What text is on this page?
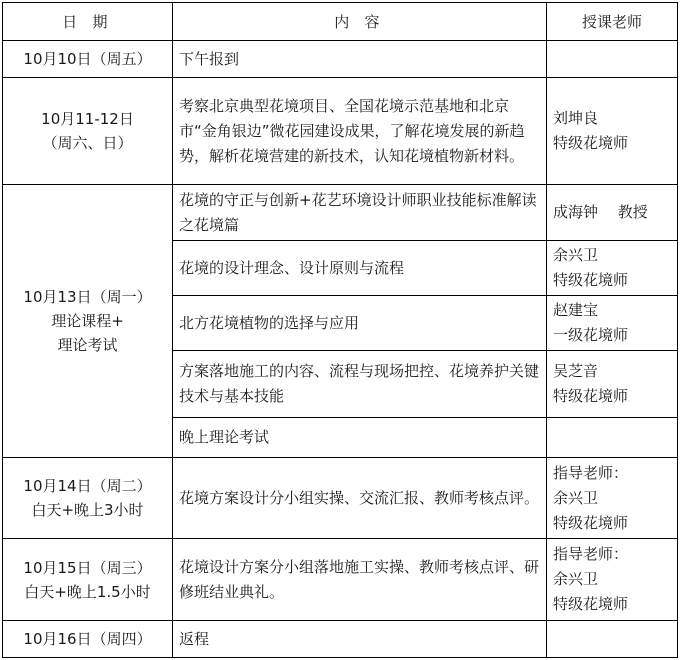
日 期	内 容	授课老师
10月10日（周五）	下午报到	

10月11-12日
（周六、日）	考察北京典型花境项目、全国花境示范基地和北京市“金角银边”微花园建设成果，了解花境发展的新趋势，解析花境营建的新技术，认知花境植物新材料。	刘坤良
特级花境师

10月13日（周一）
理论课程+
理论考试	花境的守正与创新+花艺环境设计师职业技能标准解读之花境篇	成海钟　 教授

	花境的设计理念、设计原则与流程	余兴卫
特级花境师

	北方花境植物的选择与应用	赵建宝
一级花境师

	方案落地施工的内容、流程与现场把控、花境养护关键技术与基本技能	吴芝音
特级花境师

	晚上理论考试	

10月14日（周二）
白天+晚上3小时	花境方案设计分小组实操、交流汇报、教师考核点评。	指导老师：
余兴卫
特级花境师

10月15日（周三）
白天+晚上1.5小时	花境设计方案分小组落地施工实操、教师考核点评、研修班结业典礼。	指导老师：
余兴卫
特级花境师

10月16日（周四）	返程	
